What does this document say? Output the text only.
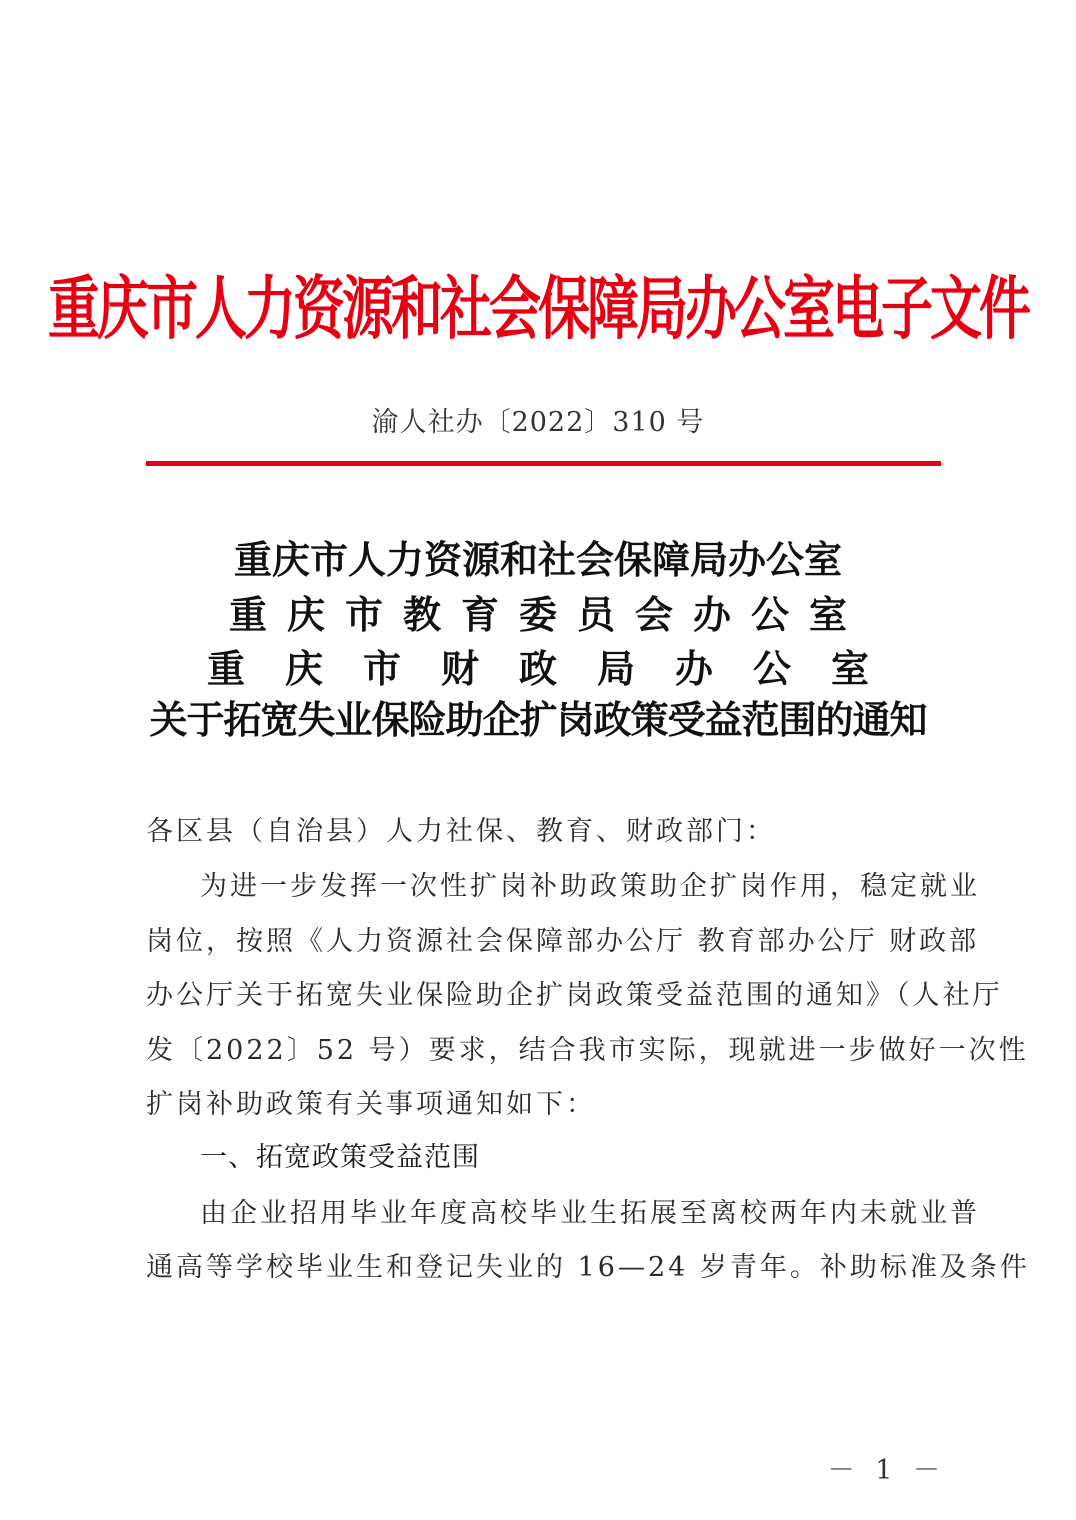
重庆市人力资源和社会保障局办公室电子文件
渝人社办〔2022〕310 号
重庆市人力资源和社会保障局办公室
重庆市教育委员会办公室
重庆市财政局办公室
关于拓宽失业保险助企扩岗政策受益范围的通知
各区县（自治县）人力社保、教育、财政部门：
为进一步发挥一次性扩岗补助政策助企扩岗作用，稳定就业
岗位，按照《人力资源社会保障部办公厅 教育部办公厅 财政部
办公厅关于拓宽失业保险助企扩岗政策受益范围的通知》（人社厅
发〔2022〕52 号）要求，结合我市实际，现就进一步做好一次性
扩岗补助政策有关事项通知如下：
一、拓宽政策受益范围
由企业招用毕业年度高校毕业生拓展至离校两年内未就业普
通高等学校毕业生和登记失业的 16—24 岁青年。补助标准及条件
－ 1 －
